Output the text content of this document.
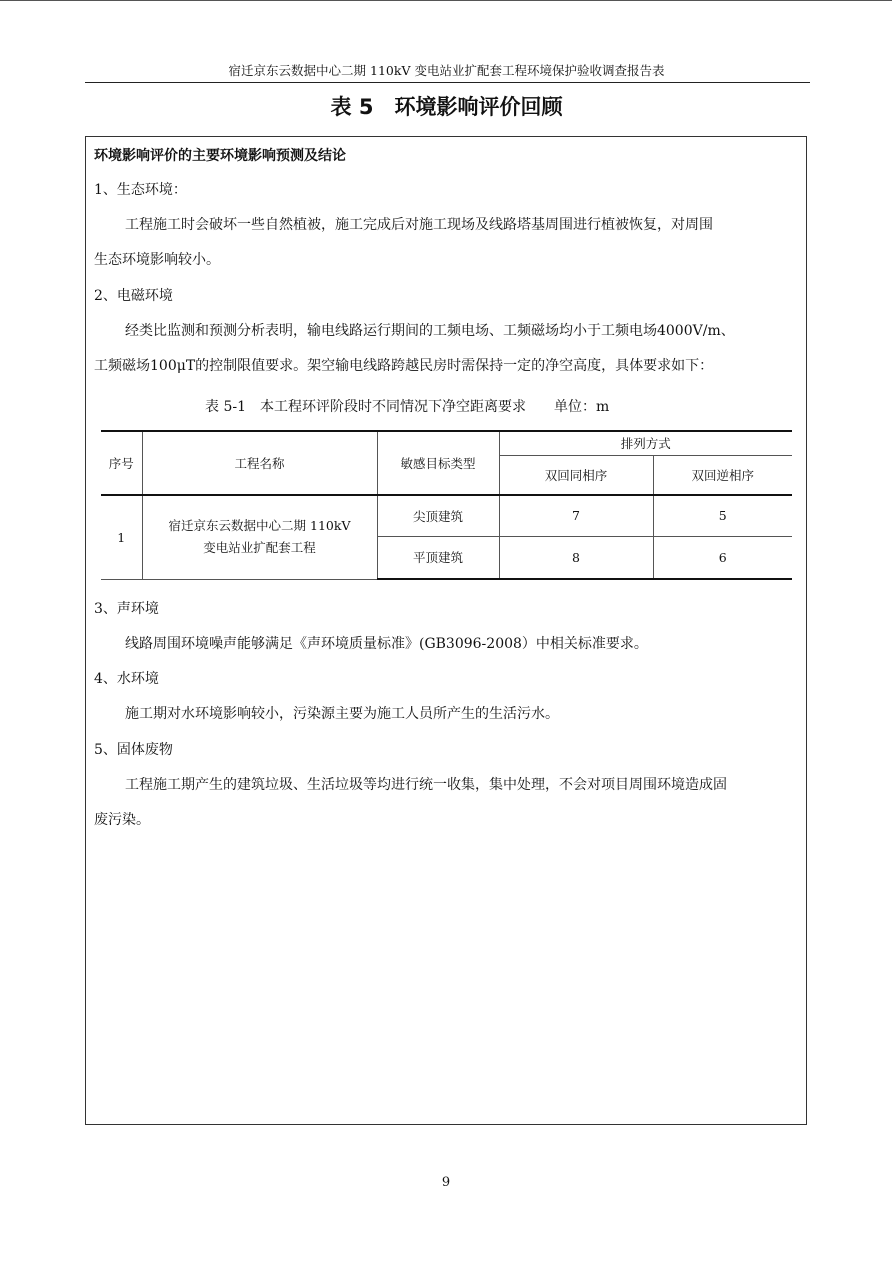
宿迁京东云数据中心二期 110kV 变电站业扩配套工程环境保护验收调查报告表
表 5　环境影响评价回顾
环境影响评价的主要环境影响预测及结论
1、生态环境：
工程施工时会破坏一些自然植被，施工完成后对施工现场及线路塔基周围进行植被恢复，对周围
生态环境影响较小。
2、电磁环境
经类比监测和预测分析表明，输电线路运行期间的工频电场、工频磁场均小于工频电场4000V/m、
工频磁场100μT的控制限值要求。架空输电线路跨越民房时需保持一定的净空高度，具体要求如下：
表 5-1　本工程环评阶段时不同情况下净空距离要求 单位：m
序号	工程名称	敏感目标类型	排列方式	
			双回同相序	双回逆相序
1	宿迁京东云数据中心二期 110kV
变电站业扩配套工程	尖顶建筑	7	5
		平顶建筑	8	6
3、声环境
线路周围环境噪声能够满足《声环境质量标准》(GB3096-2008）中相关标准要求。
4、水环境
施工期对水环境影响较小，污染源主要为施工人员所产生的生活污水。
5、固体废物
工程施工期产生的建筑垃圾、生活垃圾等均进行统一收集，集中处理，不会对项目周围环境造成固
废污染。
9
